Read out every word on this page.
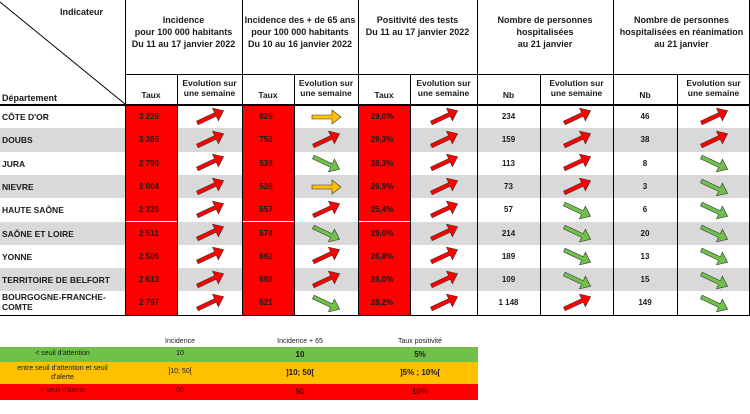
Incidence
pour 100 000 habitants
Du 11 au 17 janvier 2022
Incidence des + de 65 ans
pour 100 000 habitants
Du 10 au 16 janvier 2022
Positivité des tests
Du 11 au 17 janvier 2022
Nombre de personnes
hospitalisées
au 21 janvier
Nombre de personnes
hospitalisées en réanimation
au 21 janvier
Indicateur
Département	Taux
Evolution sur une semaine	Taux
Evolution sur une semaine	Taux
Evolution sur une semaine	Nb
Evolution sur une semaine	Nb
Evolution sur une semaine
CÔTE D'OR	3 229	629	29,0%	234	46
DOUBS	3 385	752	29,3%	159	38
JURA	2 799	539	28,3%	113	8
NIEVRE	2 004	526	26,9%	73	3
HAUTE SAÔNE	2 320	557	25,4%	57	6
SAÔNE ET LOIRE	2 511	574	29,0%	214	20
YONNE	2 506	662	26,8%	189	13
TERRITOIRE DE BELFORT	2 613	698	26,0%	109	15
BOURGOGNE-FRANCHE-
COMTE	2 797	621	28,2%	1 148	149
Incidence	Incidence + 65	Taux positivité
< seuil d'attention	10	10	5%
entre seuil d'attention et seuil
d'alerte
]10; 50[	]10; 50[	]5% ; 10%[
> seuil d'alerte	50	50	10%
